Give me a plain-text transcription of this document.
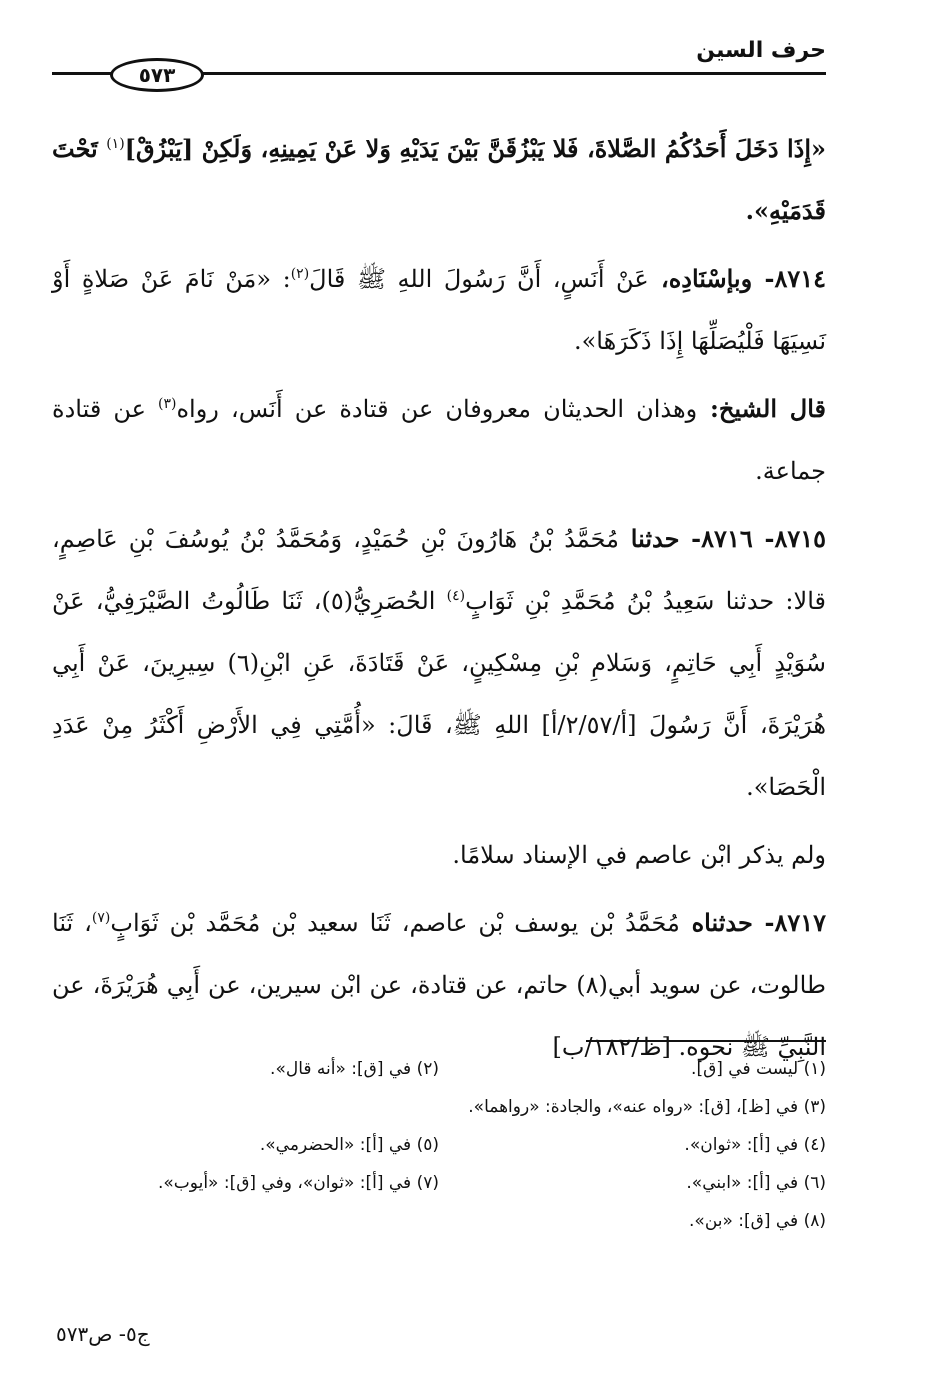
حرف السين
٥٧٣

«إِذَا دَخَلَ أَحَدُكُمُ الصَّلاةَ، فَلا يَبْزُقَنَّ بَيْنَ يَدَيْهِ وَلا عَنْ يَمِينِهِ، وَلَكِنْ [يَبْزُقْ]$^{(١)}$ تَحْتَ قَدَمَيْهِ».

٨٧١٤- وبإسْنَادِه، عَنْ أَنَسٍ، أَنَّ رَسُولَ اللهِ ﷺ قَالَ$^{(٢)}$: «مَنْ نَامَ عَنْ صَلاةٍ أَوْ نَسِيَهَا فَلْيُصَلِّهَا إِذَا ذَكَرَهَا».

قال الشيخ: وهذان الحديثان معروفان عن قتادة عن أَنَس، رواه$^{(٣)}$ عن قتادة جماعة.

٨٧١٥- ٨٧١٦- حدثنا مُحَمَّدُ بْنُ هَارُونَ بْنِ حُمَيْدٍ، وَمُحَمَّدُ بْنُ يُوسُفَ بْنِ عَاصِمٍ، قالا: حدثنا سَعِيدُ بْنُ مُحَمَّدِ بْنِ ثَوَابٍ$^{(٤)}$ الحُصَرِيُّ(٥)، ثَنَا طَالُوتُ الصَّيْرَفِيُّ، عَنْ سُوَيْدٍ أَبِي حَاتِمٍ، وَسَلامِ بْنِ مِسْكِينٍ، عَنْ قَتَادَةَ، عَنِ ابْنِ(٦) سِيرِينَ، عَنْ أَبِي هُرَيْرَةَ، أَنَّ رَسُولَ [أ/٢/٥٧/أ] اللهِ ﷺ، قَالَ: «أُمَّتِي فِي الأَرْضِ أَكْثَرُ مِنْ عَدَدِ الْحَصَا».

ولم يذكر ابْن عاصم في الإسناد سلامًا.

٨٧١٧- حدثناه مُحَمَّدُ بْن يوسف بْن عاصم، ثَنَا سعيد بْن مُحَمَّد بْن ثَوَابٍ$^{(٧)}$، ثَنَا طالوت، عن سويد أبي(٨) حاتم، عن قتادة، عن ابْن سيرين، عن أَبِي هُرَيْرَةَ، عن النَّبِيِّ ﷺ نحوه. [ظ/١٨٢/ب]

(١) ليست في [ق].
(٢) في [ق]: «أنه قال».
(٣) في [ظ]، [ق]: «رواه عنه»، والجادة: «رواهما».
(٤) في [أ]: «ثوان».
(٥) في [أ]: «الحضرمي».
(٦) في [أ]: «ابني».
(٧) في [أ]: «ثوان»، وفي [ق]: «أيوب».
(٨) في [ق]: «بن».
ج٥- ص٥٧٣
